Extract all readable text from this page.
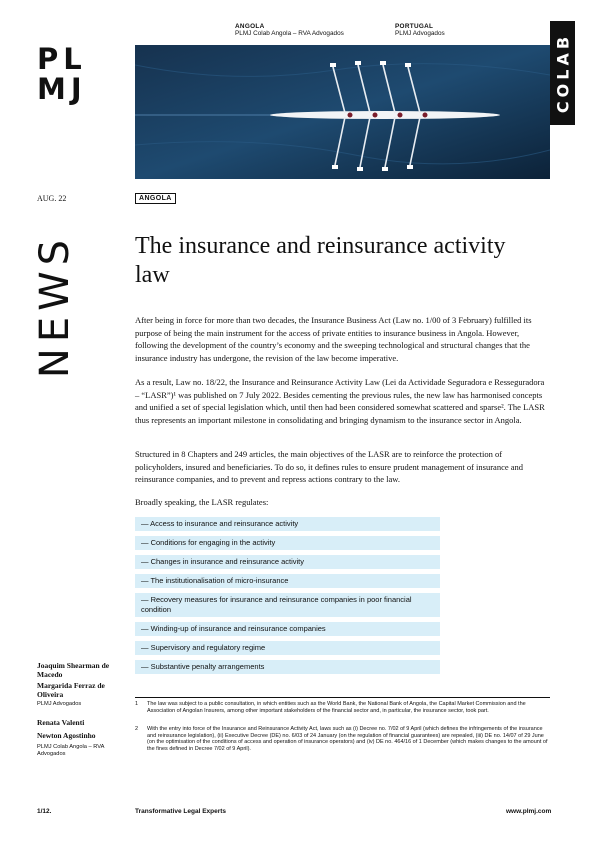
PL
MJ
ANGOLA
PLMJ Colab Angola – RVA Advogados
PORTUGAL
PLMJ Advogados	COLAB
AUG. 22	ANGOLA
NEWS The insurance and reinsurance activity law

After being in force for more than two decades, the Insurance Business Act (Law no. 1/00 of 3 February) fulfilled its purpose of being the main instrument for the access of private entities to insurance business in Angola. However, following the development of the country’s economy and the sweeping technological and structural changes that the insurance industry has undergone, the revision of the law become imperative.

As a result, Law no. 18/22, the Insurance and Reinsurance Activity Law (Lei da Actividade Seguradora e Resseguradora – “LASR”)¹ was published on 7 July 2022. Besides cementing the previous rules, the new law has harmonised concepts and unified a set of special legislation which, until then had been considered somewhat scattered and sparse². The LASR thus represents an important milestone in consolidating and bringing dynamism to the insurance sector in Angola.

Structured in 8 Chapters and 249 articles, the main objectives of the LASR are to reinforce the protection of policyholders, insured and beneficiaries. To do so, it defines rules to ensure prudent management of insurance and reinsurance companies, and to prevent and repress actions contrary to the law.

Broadly speaking, the LASR regulates:

— Access to insurance and reinsurance activity
— Conditions for engaging in the activity
— Changes in insurance and reinsurance activity
— The institutionalisation of micro-insurance
— Recovery measures for insurance and reinsurance companies in poor financial condition
— Winding-up of insurance and reinsurance companies
— Supervisory and regulatory regime
— Substantive penalty arrangements
Joaquim Shearman de Macedo
Margarida Ferraz de Oliveira
PLMJ Advogados
Renata Valenti
Newton Agostinho
PLMJ Colab Angola – RVA Advogados
1 The law was subject to a public consultation, in which entities such as the World Bank, the National Bank of Angola, the Capital Market Commission and the Association of Angolan Insurers, among other important stakeholders of the financial sector and, in particular, the insurance sector, took part.
2 With the entry into force of the Insurance and Reinsurance Activity Act, laws such as (i) Decree no. 7/02 of 9 April (which defines the infringements of the insurance and reinsurance legislation), (ii) Executive Decree (DE) no. 6/03 of 24 January (on the regulation of financial guarantees) are repealed, (iii) DE no. 14/07 of 29 June (on the optimisation of the conditions of access and operation of insurance operators) and (iv) DE no. 464/16 of 1 December (which makes changes to the amount of the fines defined in Decree 7/02 of 9 April).
1/12.	Transformative Legal Experts	www.plmj.com
